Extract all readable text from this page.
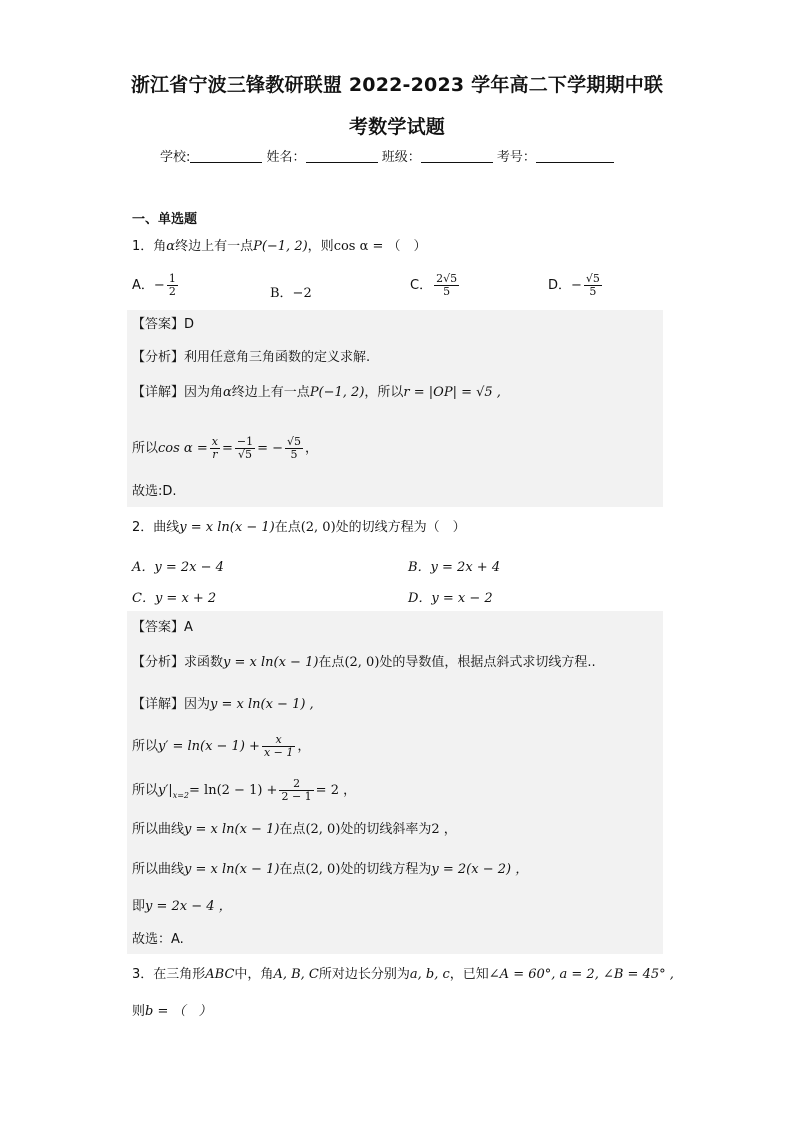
浙江省宁波三锋教研联盟 2022-2023 学年高二下学期期中联
考数学试题
学校:	姓名：	班级：	考号：
一、单选题
1．角α终边上有一点P(−1, 2)，则cos α = （　）
A．− $\frac{1}{2}$	B．−2
C． $\frac{2√5}{5}$	D．− $\frac{√5}{5}$
【答案】D
【分析】利用任意角三角函数的定义求解.
【详解】因为角α终边上有一点P(−1, 2)，所以r = |OP| = √5 ,
所以$\cos \alpha = \frac{x}{r} = \frac{-1}{√5}$ = − $\frac{√5}{5}$ ，
故选:D.
2．曲线y = x ln(x − 1)在点(2, 0)处的切线方程为（　）
A．y = 2x − 4	B．y = 2x + 4
C．y = x + 2	D．y = x − 2
【答案】A
【分析】求函数y = x ln(x − 1)在点(2, 0)处的导数值，根据点斜式求切线方程..
【详解】因为y = x ln(x − 1) ,
所以$y' = \ln(x - 1) + \frac{x}{x - 1}$ ，
所以$y'|_{x=2}= \ln(2 - 1) + \frac{2}{2 - 1} = 2$ ，
所以曲线y = x ln(x − 1)在点(2, 0)处的切线斜率为2 ，
所以曲线y = x ln(x − 1)在点(2, 0)处的切线方程为y = 2(x − 2) ，
即y = 2x − 4 ，
故选：A.
3．在三角形ABC中，角A, B, C所对边长分别为a, b, c，已知∠A = 60°, a = 2, ∠B = 45° ,
则b = （　）
